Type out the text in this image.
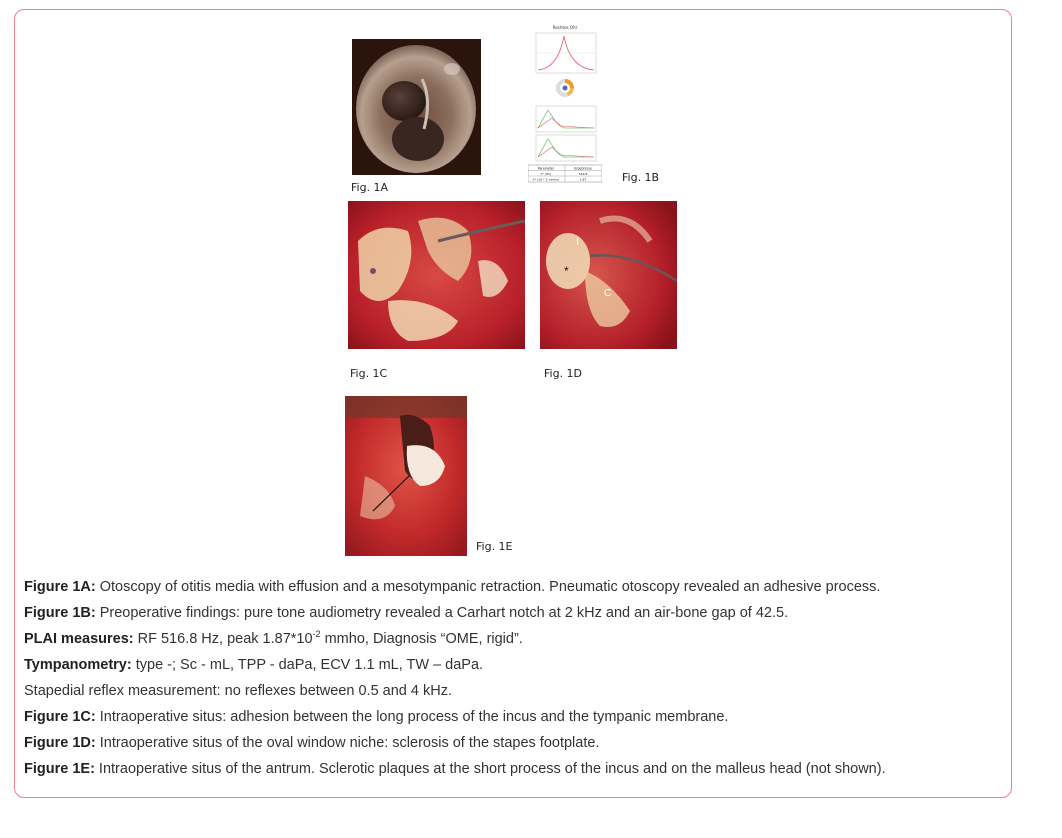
Fig. 1A
Rechtes Ohr
Parameter	Ergebnisse
f* (Hz)	516.8
A* (10^-2 mmho)	1.87	Fig. 1B
Fig. 1C
I
*
C
Fig. 1D
Fig. 1E
Figure 1A: Otoscopy of otitis media with effusion and a mesotympanic retraction. Pneumatic otoscopy revealed an adhesive process.
Figure 1B: Preoperative findings: pure tone audiometry revealed a Carhart notch at 2 kHz and an air-bone gap of 42.5.
PLAI measures: RF 516.8 Hz, peak $1.87*10^{-2}$ mmho, Diagnosis “OME, rigid”.
Tympanometry: type -; Sc - mL, TPP - daPa, ECV 1.1 mL, TW – daPa.
Stapedial reflex measurement: no reflexes between 0.5 and 4 kHz.
Figure 1C: Intraoperative situs: adhesion between the long process of the incus and the tympanic membrane.
Figure 1D: Intraoperative situs of the oval window niche: sclerosis of the stapes footplate.
Figure 1E: Intraoperative situs of the antrum. Sclerotic plaques at the short process of the incus and on the malleus head (not shown).
